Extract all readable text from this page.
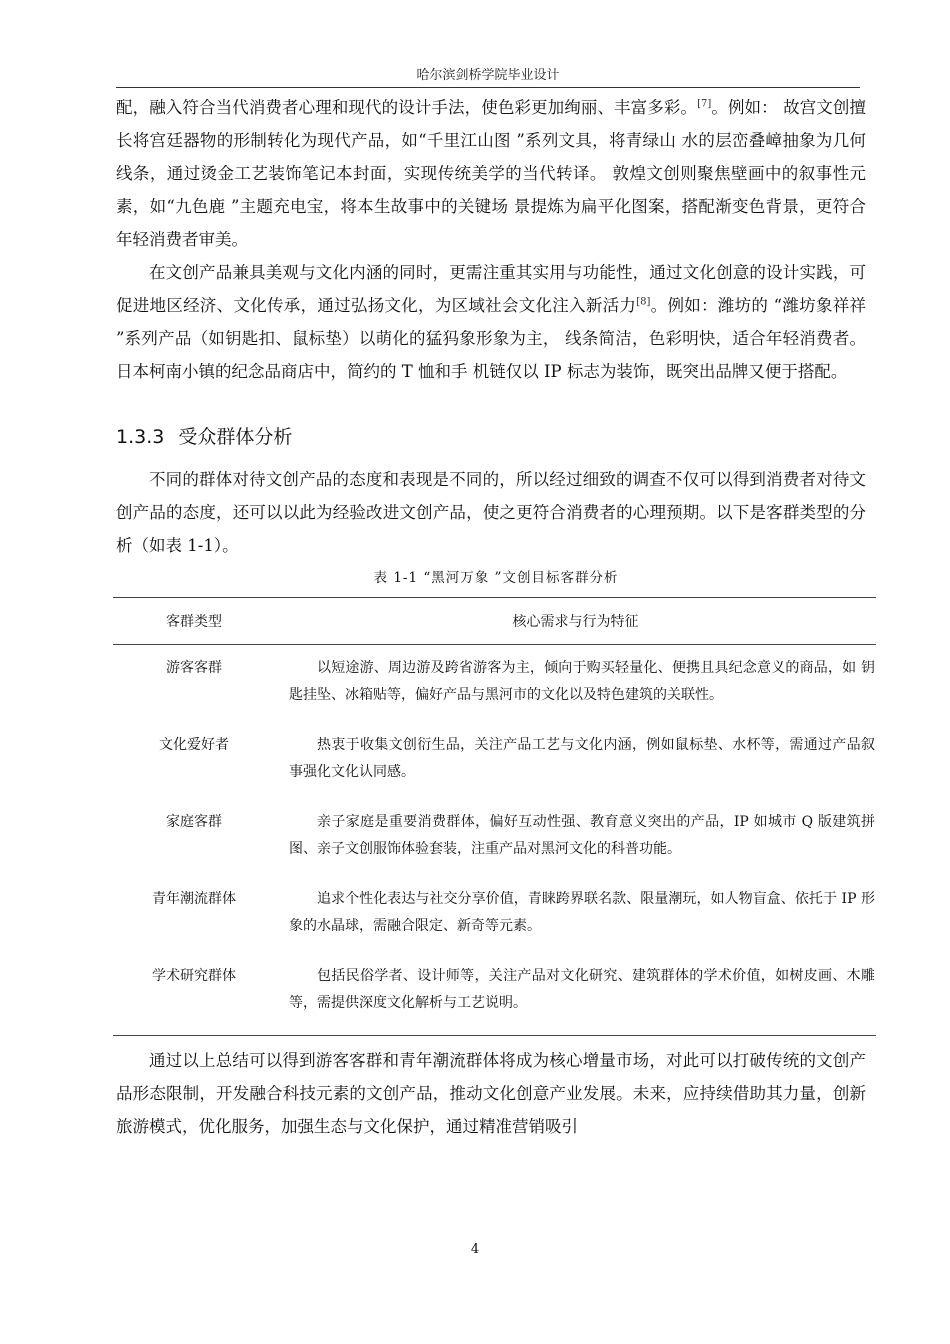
哈尔滨剑桥学院毕业设计

配，融入符合当代消费者心理和现代的设计手法，使色彩更加绚丽、丰富多彩。[7]。例如： 故宫文创擅长将宫廷器物的形制转化为现代产品，如“千里江山图 ”系列文具，将青绿山 水的层峦叠嶂抽象为几何线条，通过烫金工艺装饰笔记本封面，实现传统美学的当代转译。 敦煌文创则聚焦壁画中的叙事性元素，如“九色鹿 ”主题充电宝，将本生故事中的关键场 景提炼为扁平化图案，搭配渐变色背景，更符合年轻消费者审美。

在文创产品兼具美观与文化内涵的同时，更需注重其实用与功能性，通过文化创意的设计实践，可促进地区经济、文化传承，通过弘扬文化，为区域社会文化注入新活力[8]。例如：潍坊的 “潍坊象祥祥 ”系列产品（如钥匙扣、鼠标垫）以萌化的猛犸象形象为主， 线条简洁，色彩明快，适合年轻消费者。 日本柯南小镇的纪念品商店中，简约的 T 恤和手 机链仅以 IP 标志为装饰，既突出品牌又便于搭配。

1.3.3 受众群体分析

不同的群体对待文创产品的态度和表现是不同的，所以经过细致的调查不仅可以得到消费者对待文创产品的态度，还可以以此为经验改进文创产品，使之更符合消费者的心理预期。以下是客群类型的分析（如表 1-1）。

表 1-1 “黑河万象 ”文创目标客群分析
客群类型	核心需求与行为特征
游客客群	以短途游、周边游及跨省游客为主，倾向于购买轻量化、便携且具纪念意义的商品，如 钥匙挂坠、冰箱贴等，偏好产品与黑河市的文化以及特色建筑的关联性。
文化爱好者	热衷于收集文创衍生品，关注产品工艺与文化内涵，例如鼠标垫、水杯等，需通过产品叙事强化文化认同感。
家庭客群	亲子家庭是重要消费群体，偏好互动性强、教育意义突出的产品，IP 如城市 Q 版建筑拼图、亲子文创服饰体验套装，注重产品对黑河文化的科普功能。
青年潮流群体	追求个性化表达与社交分享价值，青睐跨界联名款、限量潮玩，如人物盲盒、依托于 IP 形象的水晶球，需融合限定、新奇等元素。
学术研究群体	包括民俗学者、设计师等，关注产品对文化研究、建筑群体的学术价值，如树皮画、木雕等，需提供深度文化解析与工艺说明。

通过以上总结可以得到游客客群和青年潮流群体将成为核心增量市场，对此可以打破传统的文创产品形态限制，开发融合科技元素的文创产品，推动文化创意产业发展。未来，应持续借助其力量，创新旅游模式，优化服务，加强生态与文化保护，通过精准营销吸引

4
